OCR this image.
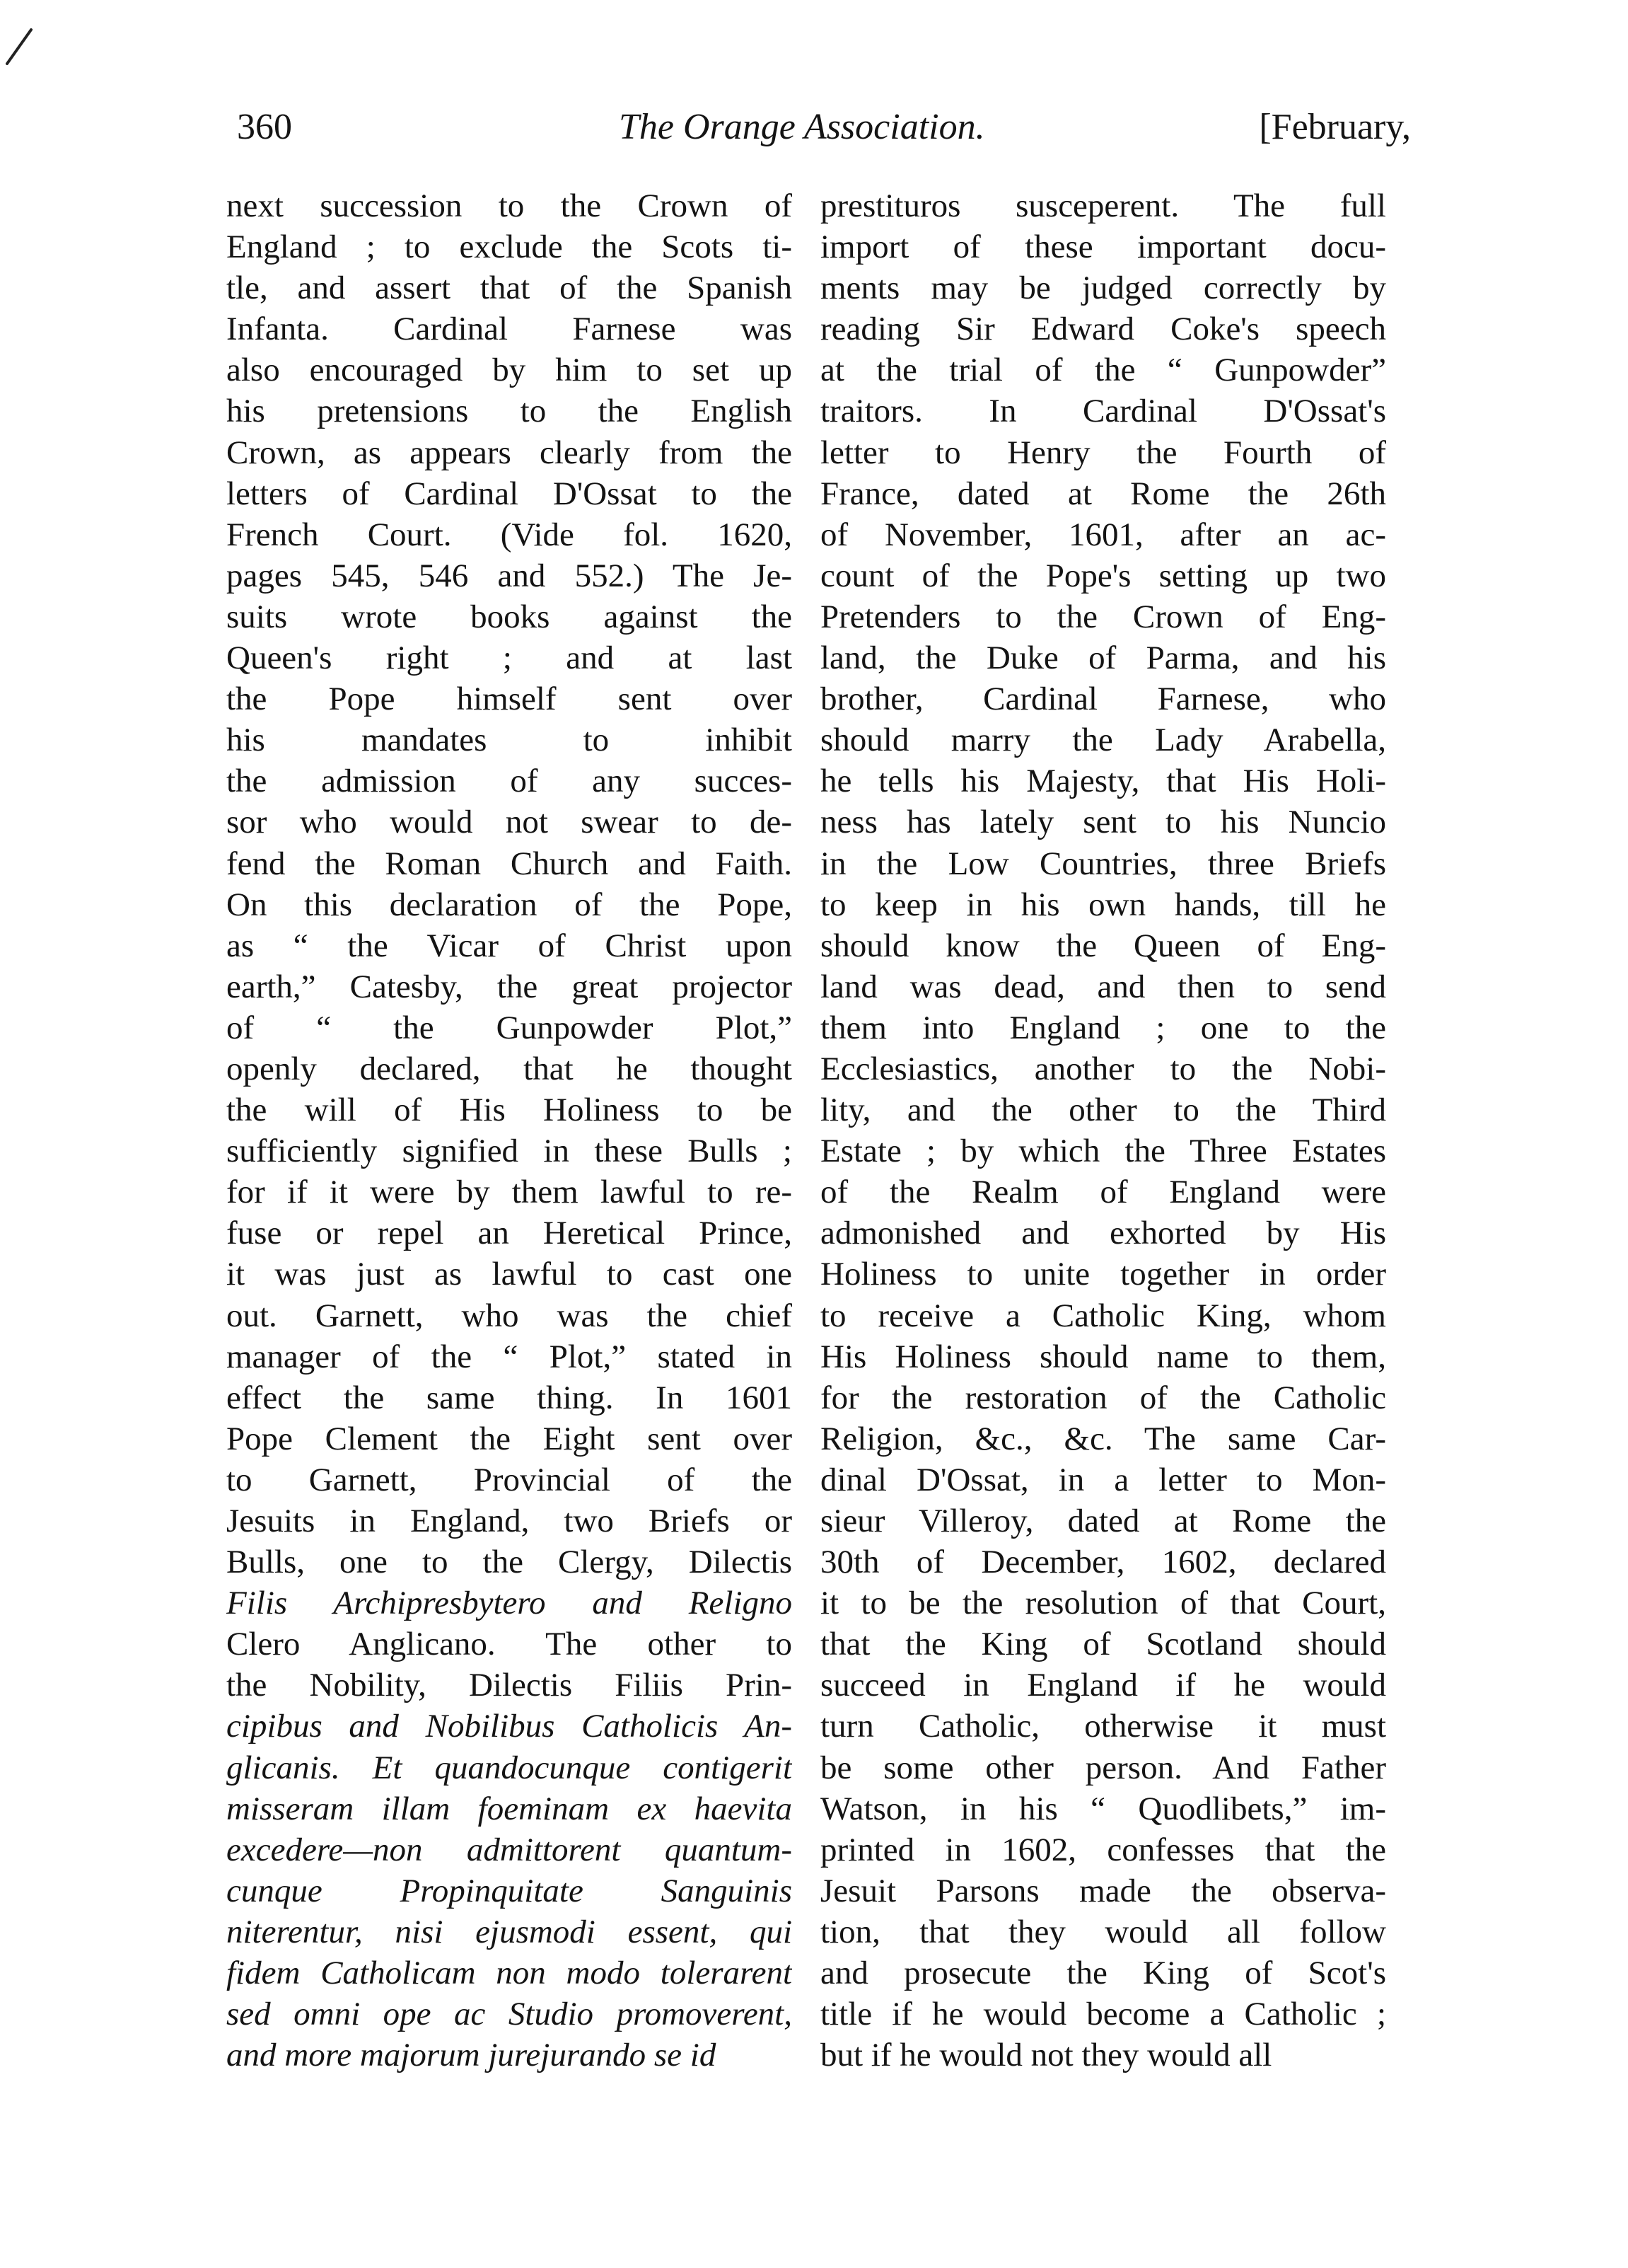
360	The Orange Association.	[February,
next succession to the Crown of
England ; to exclude the Scots ti-
tle, and assert that of the Spanish
Infanta. Cardinal Farnese was
also encouraged by him to set up
his pretensions to the English
Crown, as appears clearly from the
letters of Cardinal D'Ossat to the
French Court. (Vide fol. 1620,
pages 545, 546 and 552.) The Je-
suits wrote books against the
Queen's right ; and at last
the Pope himself sent over
his mandates to inhibit
the admission of any succes-
sor who would not swear to de-
fend the Roman Church and Faith.
On this declaration of the Pope,
as “ the Vicar of Christ upon
earth,” Catesby, the great projector
of “ the Gunpowder Plot,”
openly declared, that he thought
the will of His Holiness to be
sufficiently signified in these Bulls ;
for if it were by them lawful to re-
fuse or repel an Heretical Prince,
it was just as lawful to cast one
out. Garnett, who was the chief
manager of the “ Plot,” stated in
effect the same thing. In 1601
Pope Clement the Eight sent over
to Garnett, Provincial of the
Jesuits in England, two Briefs or
Bulls, one to the Clergy, Dilectis
Filis Archipresbytero and Religno
Clero Anglicano. The other to
the Nobility, Dilectis Filiis Prin-
cipibus and Nobilibus Catholicis An-
glicanis. Et quandocunque contigerit
misseram illam foeminam ex haevita
excedere—non admittorent quantum-
cunque Propinquitate Sanguinis
niterentur, nisi ejusmodi essent, qui
fidem Catholicam non modo tolerarent
sed omni ope ac Studio promoverent,
and more majorum jurejurando se id
prestituros susceperent. The full
import of these important docu-
ments may be judged correctly by
reading Sir Edward Coke's speech
at the trial of the “ Gunpowder”
traitors. In Cardinal D'Ossat's
letter to Henry the Fourth of
France, dated at Rome the 26th
of November, 1601, after an ac-
count of the Pope's setting up two
Pretenders to the Crown of Eng-
land, the Duke of Parma, and his
brother, Cardinal Farnese, who
should marry the Lady Arabella,
he tells his Majesty, that His Holi-
ness has lately sent to his Nuncio
in the Low Countries, three Briefs
to keep in his own hands, till he
should know the Queen of Eng-
land was dead, and then to send
them into England ; one to the
Ecclesiastics, another to the Nobi-
lity, and the other to the Third
Estate ; by which the Three Estates
of the Realm of England were
admonished and exhorted by His
Holiness to unite together in order
to receive a Catholic King, whom
His Holiness should name to them,
for the restoration of the Catholic
Religion, &c., &c. The same Car-
dinal D'Ossat, in a letter to Mon-
sieur Villeroy, dated at Rome the
30th of December, 1602, declared
it to be the resolution of that Court,
that the King of Scotland should
succeed in England if he would
turn Catholic, otherwise it must
be some other person. And Father
Watson, in his “ Quodlibets,” im-
printed in 1602, confesses that the
Jesuit Parsons made the observa-
tion, that they would all follow
and prosecute the King of Scot's
title if he would become a Catholic ;
but if he would not they would all
